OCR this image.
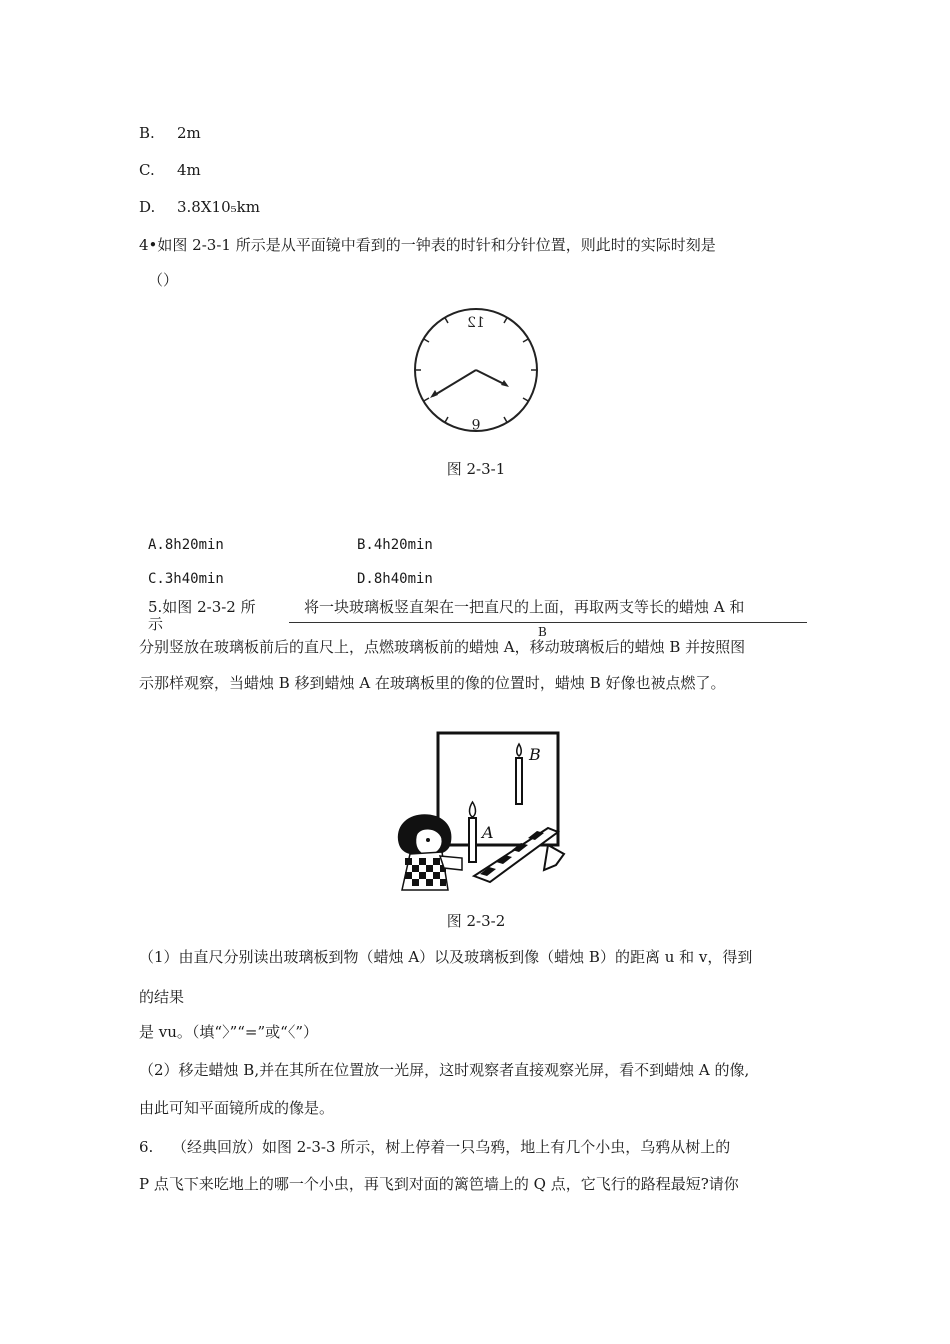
B. 2m
C. 4m
D. 3.8X10₅km
4•如图 2-3-1 所示是从平面镜中看到的一钟表的时针和分针位置，则此时的实际时刻是
（）
12
6
图 2-3-1
A.8h20min	B.4h20min
C.3h40min	D.8h40min
5.如图 2-3-2 所
示
将一块玻璃板竖直架在一把直尺的上面，再取两支等长的蜡烛 A 和
B
分别竖放在玻璃板前后的直尺上，点燃玻璃板前的蜡烛 A，移动玻璃板后的蜡烛 B 并按照图
示那样观察，当蜡烛 B 移到蜡烛 A 在玻璃板里的像的位置时，蜡烛 B 好像也被点燃了。
A
B
图 2-3-2
（1）由直尺分别读出玻璃板到物（蜡烛 A）以及玻璃板到像（蜡烛 B）的距离 u 和 v，得到
的结果
是 vu。（填“〉”“=”或“〈”）
（2）移走蜡烛 B,并在其所在位置放一光屏，这时观察者直接观察光屏，看不到蜡烛 A 的像,
由此可知平面镜所成的像是。
6. （经典回放）如图 2-3-3 所示，树上停着一只乌鸦，地上有几个小虫，乌鸦从树上的
P 点飞下来吃地上的哪一个小虫，再飞到对面的篱笆墙上的 Q 点，它飞行的路程最短?请你
